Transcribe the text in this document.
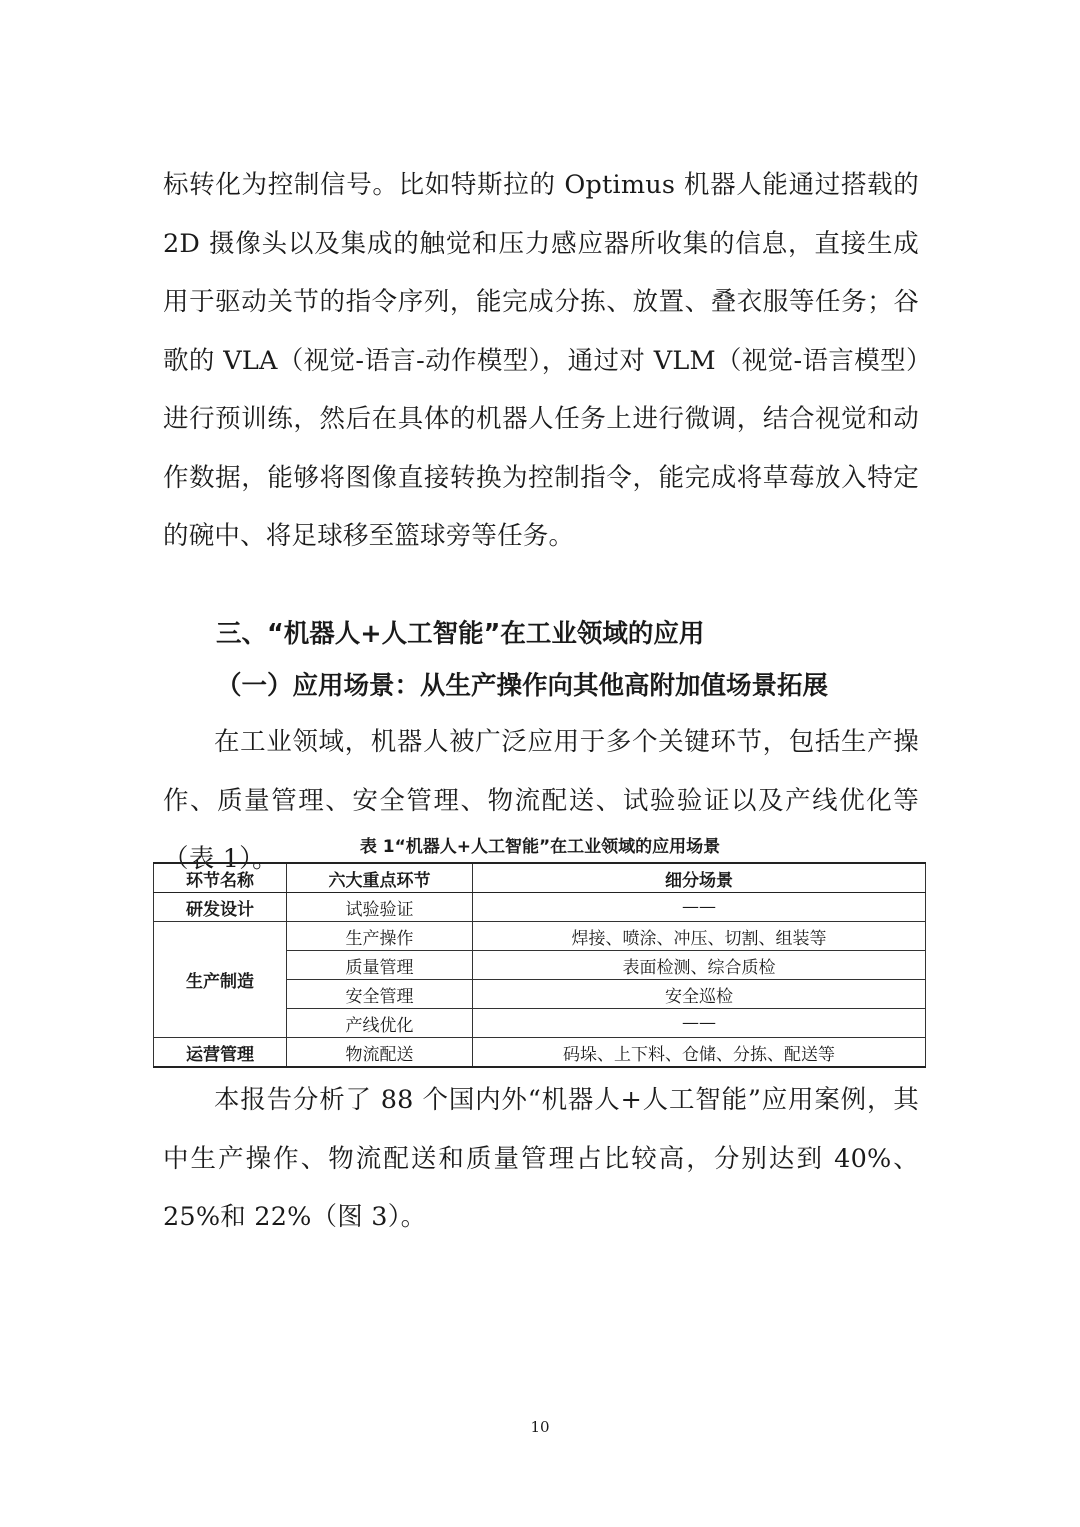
标转化为控制信号。比如特斯拉的 Optimus 机器人能通过搭载的 2D 摄像头以及集成的触觉和压力感应器所收集的信息，直接生成用于驱动关节的指令序列，能完成分拣、放置、叠衣服等任务；谷歌的 VLA（视觉-语言-动作模型），通过对 VLM（视觉-语言模型）进行预训练，然后在具体的机器人任务上进行微调，结合视觉和动作数据，能够将图像直接转换为控制指令，能完成将草莓放入特定的碗中、将足球移至篮球旁等任务。

三、“机器人+人工智能”在工业领域的应用
（一）应用场景：从生产操作向其他高附加值场景拓展

在工业领域，机器人被广泛应用于多个关键环节，包括生产操作、质量管理、安全管理、物流配送、试验验证以及产线优化等（表 1）。	表 1“机器人+人工智能”在工业领域的应用场景
环节名称	六大重点环节	细分场景
研发设计	试验验证	——
生产制造	生产操作	焊接、喷涂、冲压、切割、组装等
	质量管理	表面检测、综合质检
	安全管理	安全巡检
	产线优化	——
运营管理	物流配送	码垛、上下料、仓储、分拣、配送等

本报告分析了 88 个国内外“机器人+人工智能”应用案例，其中生产操作、物流配送和质量管理占比较高，分别达到 40%、25%和 22%（图 3）。

10
